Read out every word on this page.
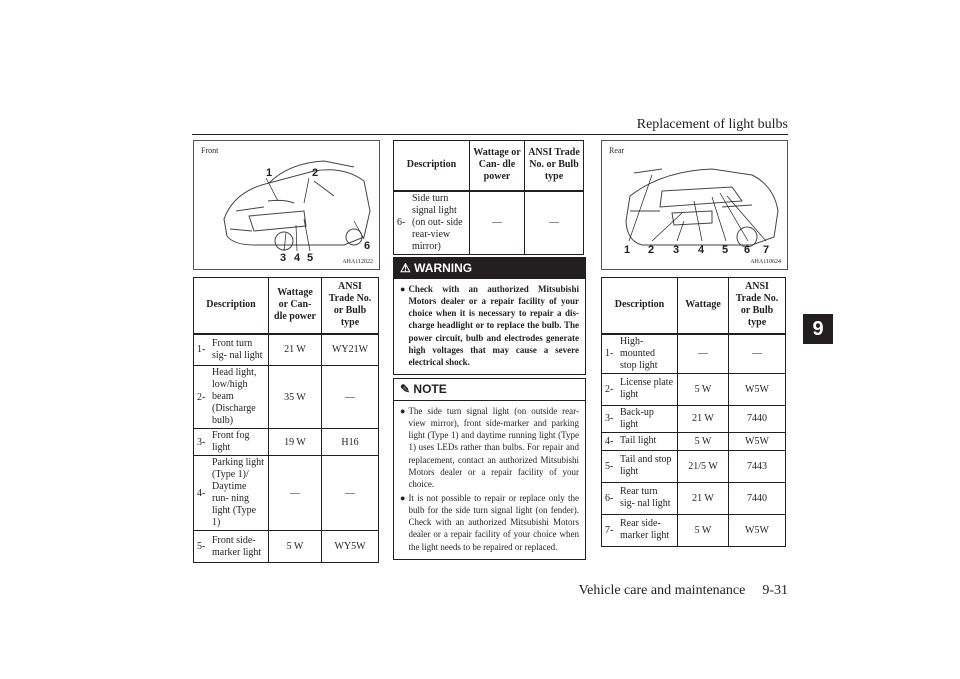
Replacement of light bulbs
9
1	2
3 4 5
6
Front
AHA112022
Description		Wattage or Can- dle power	ANSI Trade No. or Bulb type
1-	Front turn sig- nal light	21 W	WY21W
2-	Head light, low/high beam (Discharge bulb)	35 W	—
3-	Front fog light	19 W	H16
4-	Parking light (Type 1)/ Daytime run- ning light (Type 1)	—	—
5-	Front side- marker light	5 W	WY5W
Description		Wattage or Can- dle power	ANSI Trade No. or Bulb type
6-	Side turn signal light (on out- side rear-view mirror)	—	—
⚠ WARNING
● Check with an authorized Mitsubishi Motors dealer or a repair facility of your choice when it is necessary to repair a dis- charge headlight or to replace the bulb. The power circuit, bulb and electrodes generate high voltages that may cause a severe electrical shock.
✎ NOTE
● The side turn signal light (on outside rear- view mirror), front side-marker and parking light (Type 1) and daytime running light (Type 1) uses LEDs rather than bulbs. For repair and replacement, contact an authorized Mitsubishi Motors dealer or a repair facility of your choice.
● It is not possible to repair or replace only the bulb for the side turn signal light (on fender). Check with an authorized Mitsubishi Motors dealer or a repair facility of your choice when the light needs to be repaired or replaced.
1 2 3 4 5 6 7
Rear
AHA110624
Description		Wattage	ANSI Trade No. or Bulb type
1-	High-mounted stop light	—	—
2-	License plate light	5 W	W5W
3-	Back-up light	21 W	7440
4-	Tail light	5 W	W5W
5-	Tail and stop light	21/5 W	7443
6-	Rear turn sig- nal light	21 W	7440
7-	Rear side- marker light	5 W	W5W
Vehicle care and maintenance 9-31
